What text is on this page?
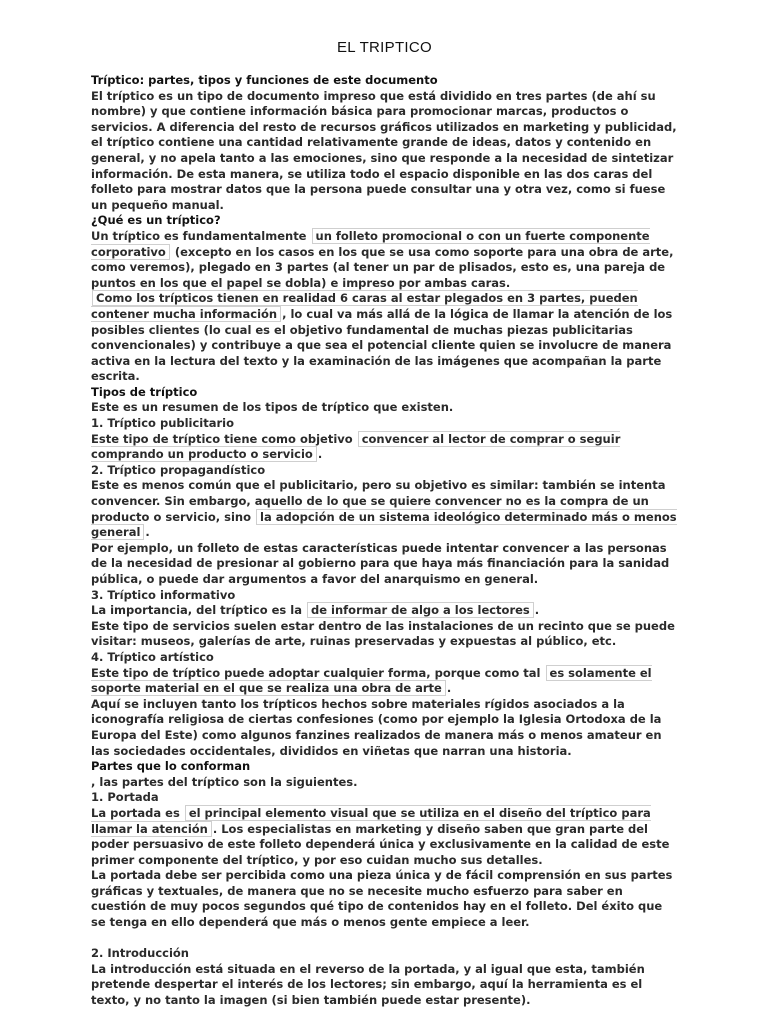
EL TRIPTICO

Tríptico: partes, tipos y funciones de este documento

El tríptico es un tipo de documento impreso que está dividido en tres partes (de ahí su nombre) y que contiene información básica para promocionar marcas, productos o servicios. A diferencia del resto de recursos gráficos utilizados en marketing y publicidad, el tríptico contiene una cantidad relativamente grande de ideas, datos y contenido en general, y no apela tanto a las emociones, sino que responde a la necesidad de sintetizar información. De esta manera, se utiliza todo el espacio disponible en las dos caras del folleto para mostrar datos que la persona puede consultar una y otra vez, como si fuese un pequeño manual.

¿Qué es un tríptico?

Un tríptico es fundamentalmente un folleto promocional o con un fuerte componente corporativo (excepto en los casos en los que se usa como soporte para una obra de arte, como veremos), plegado en 3 partes (al tener un par de plisados, esto es, una pareja de puntos en los que el papel se dobla) e impreso por ambas caras.

Como los trípticos tienen en realidad 6 caras al estar plegados en 3 partes, pueden contener mucha información , lo cual va más allá de la lógica de llamar la atención de los posibles clientes (lo cual es el objetivo fundamental de muchas piezas publicitarias convencionales) y contribuye a que sea el potencial cliente quien se involucre de manera activa en la lectura del texto y la examinación de las imágenes que acompañan la parte escrita.

Tipos de tríptico

Este es un resumen de los tipos de tríptico que existen.

1. Tríptico publicitario

Este tipo de tríptico tiene como objetivo convencer al lector de comprar o seguir comprando un producto o servicio .

2. Tríptico propagandístico

Este es menos común que el publicitario, pero su objetivo es similar: también se intenta convencer. Sin embargo, aquello de lo que se quiere convencer no es la compra de un producto o servicio, sino la adopción de un sistema ideológico determinado más o menos general .

Por ejemplo, un folleto de estas características puede intentar convencer a las personas de la necesidad de presionar al gobierno para que haya más financiación para la sanidad pública, o puede dar argumentos a favor del anarquismo en general.

3. Tríptico informativo

La importancia, del tríptico es la de informar de algo a los lectores .

Este tipo de servicios suelen estar dentro de las instalaciones de un recinto que se puede visitar: museos, galerías de arte, ruinas preservadas y expuestas al público, etc.

4. Tríptico artístico

Este tipo de tríptico puede adoptar cualquier forma, porque como tal es solamente el soporte material en el que se realiza una obra de arte .

Aquí se incluyen tanto los trípticos hechos sobre materiales rígidos asociados a la iconografía religiosa de ciertas confesiones (como por ejemplo la Iglesia Ortodoxa de la Europa del Este) como algunos fanzines realizados de manera más o menos amateur en las sociedades occidentales, divididos en viñetas que narran una historia.

Partes que lo conforman

, las partes del tríptico son la siguientes.

1. Portada

La portada es el principal elemento visual que se utiliza en el diseño del tríptico para llamar la atención . Los especialistas en marketing y diseño saben que gran parte del poder persuasivo de este folleto dependerá única y exclusivamente en la calidad de este primer componente del tríptico, y por eso cuidan mucho sus detalles.

La portada debe ser percibida como una pieza única y de fácil comprensión en sus partes gráficas y textuales, de manera que no se necesite mucho esfuerzo para saber en cuestión de muy pocos segundos qué tipo de contenidos hay en el folleto. Del éxito que se tenga en ello dependerá que más o menos gente empiece a leer.

2. Introducción

La introducción está situada en el reverso de la portada, y al igual que esta, también pretende despertar el interés de los lectores; sin embargo, aquí la herramienta es el texto, y no tanto la imagen (si bien también puede estar presente).
